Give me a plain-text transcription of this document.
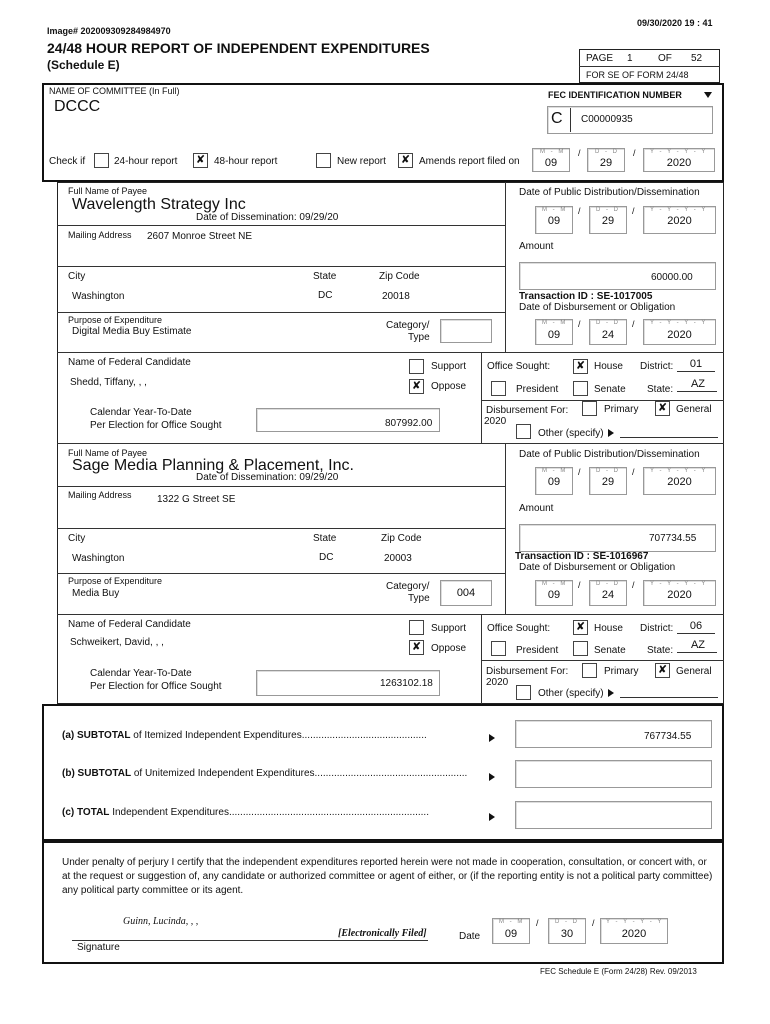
Image# 202009309284984970
09/30/2020 19 : 41
24/48 HOUR REPORT OF INDEPENDENT EXPENDITURES
(Schedule E)	PAGE 1	OF 52
FOR SE OF FORM 24/48
NAME OF COMMITTEE (In Full)
DCCC
FEC IDENTIFICATION NUMBER
C C00000935
Check if	24-hour report ✘ 48-hour report	New report ✘ Amends report filed on
M - M
09
/ D - D
29
/ Y - Y - Y - Y
2020
Full Name of Payee
Wavelength Strategy Inc
Date of Dissemination: 09/29/20
Mailing Address 2607 Monroe Street NE
City	State	Zip Code
Washington	DC	20018
Purpose of Expenditure
Digital Media Buy Estimate
Category/
Type
Name of Federal Candidate
Shedd, Tiffany, , ,
Support
✘ Oppose
Office Sought: ✘ House District:	01
President	Senate State:	AZ
Calendar Year-To-Date
Per Election for Office Sought	807992.00
Disbursement For:
2020
Primary ✘ General
Other (specify)
Date of Public Distribution/Dissemination
M - M
09
/	D - D
29
/	Y - Y - Y - Y
2020
Amount
60000.00
Transaction ID : SE-1017005
Date of Disbursement or Obligation
M - M
09
/	D - D
24
/	Y - Y - Y - Y
2020
Full Name of Payee
Sage Media Planning & Placement, Inc.
Date of Dissemination: 09/29/20
Mailing Address	1322 G Street SE
City	State	Zip Code
Washington	DC	20003
Purpose of Expenditure
Media Buy
Category/
Type	004
Name of Federal Candidate
Schweikert, David, , ,
Support
✘ Oppose
Office Sought: ✘ House District:	06
President	Senate State:	AZ
Calendar Year-To-Date
Per Election for Office Sought	1263102.18
Disbursement For:
2020
Primary ✘ General
Other (specify)
Date of Public Distribution/Dissemination
M - M
09
/	D - D
29
/	Y - Y - Y - Y
2020
Amount
707734.55
Transaction ID : SE-1016967
Date of Disbursement or Obligation
M - M
09
/	D - D
24
/	Y - Y - Y - Y
2020
(a) SUBTOTAL of Itemized Independent Expenditures.............................................	767734.55
(b) SUBTOTAL of Unitemized Independent Expenditures.......................................................
(c) TOTAL Independent Expenditures........................................................................
Under penalty of perjury I certify that the independent expenditures reported herein were not made in cooperation, consultation, or concert with, or at the request or suggestion of, any candidate or authorized committee or agent of either, or (if the reporting entity is not a political party committee) any political party committee or its agent.
Guinn, Lucinda, , ,
[Electronically Filed]
Signature
Date
M - M
09
/	D - D
30
/ Y - Y - Y - Y
2020
FEC Schedule E (Form 24/28) Rev. 09/2013
